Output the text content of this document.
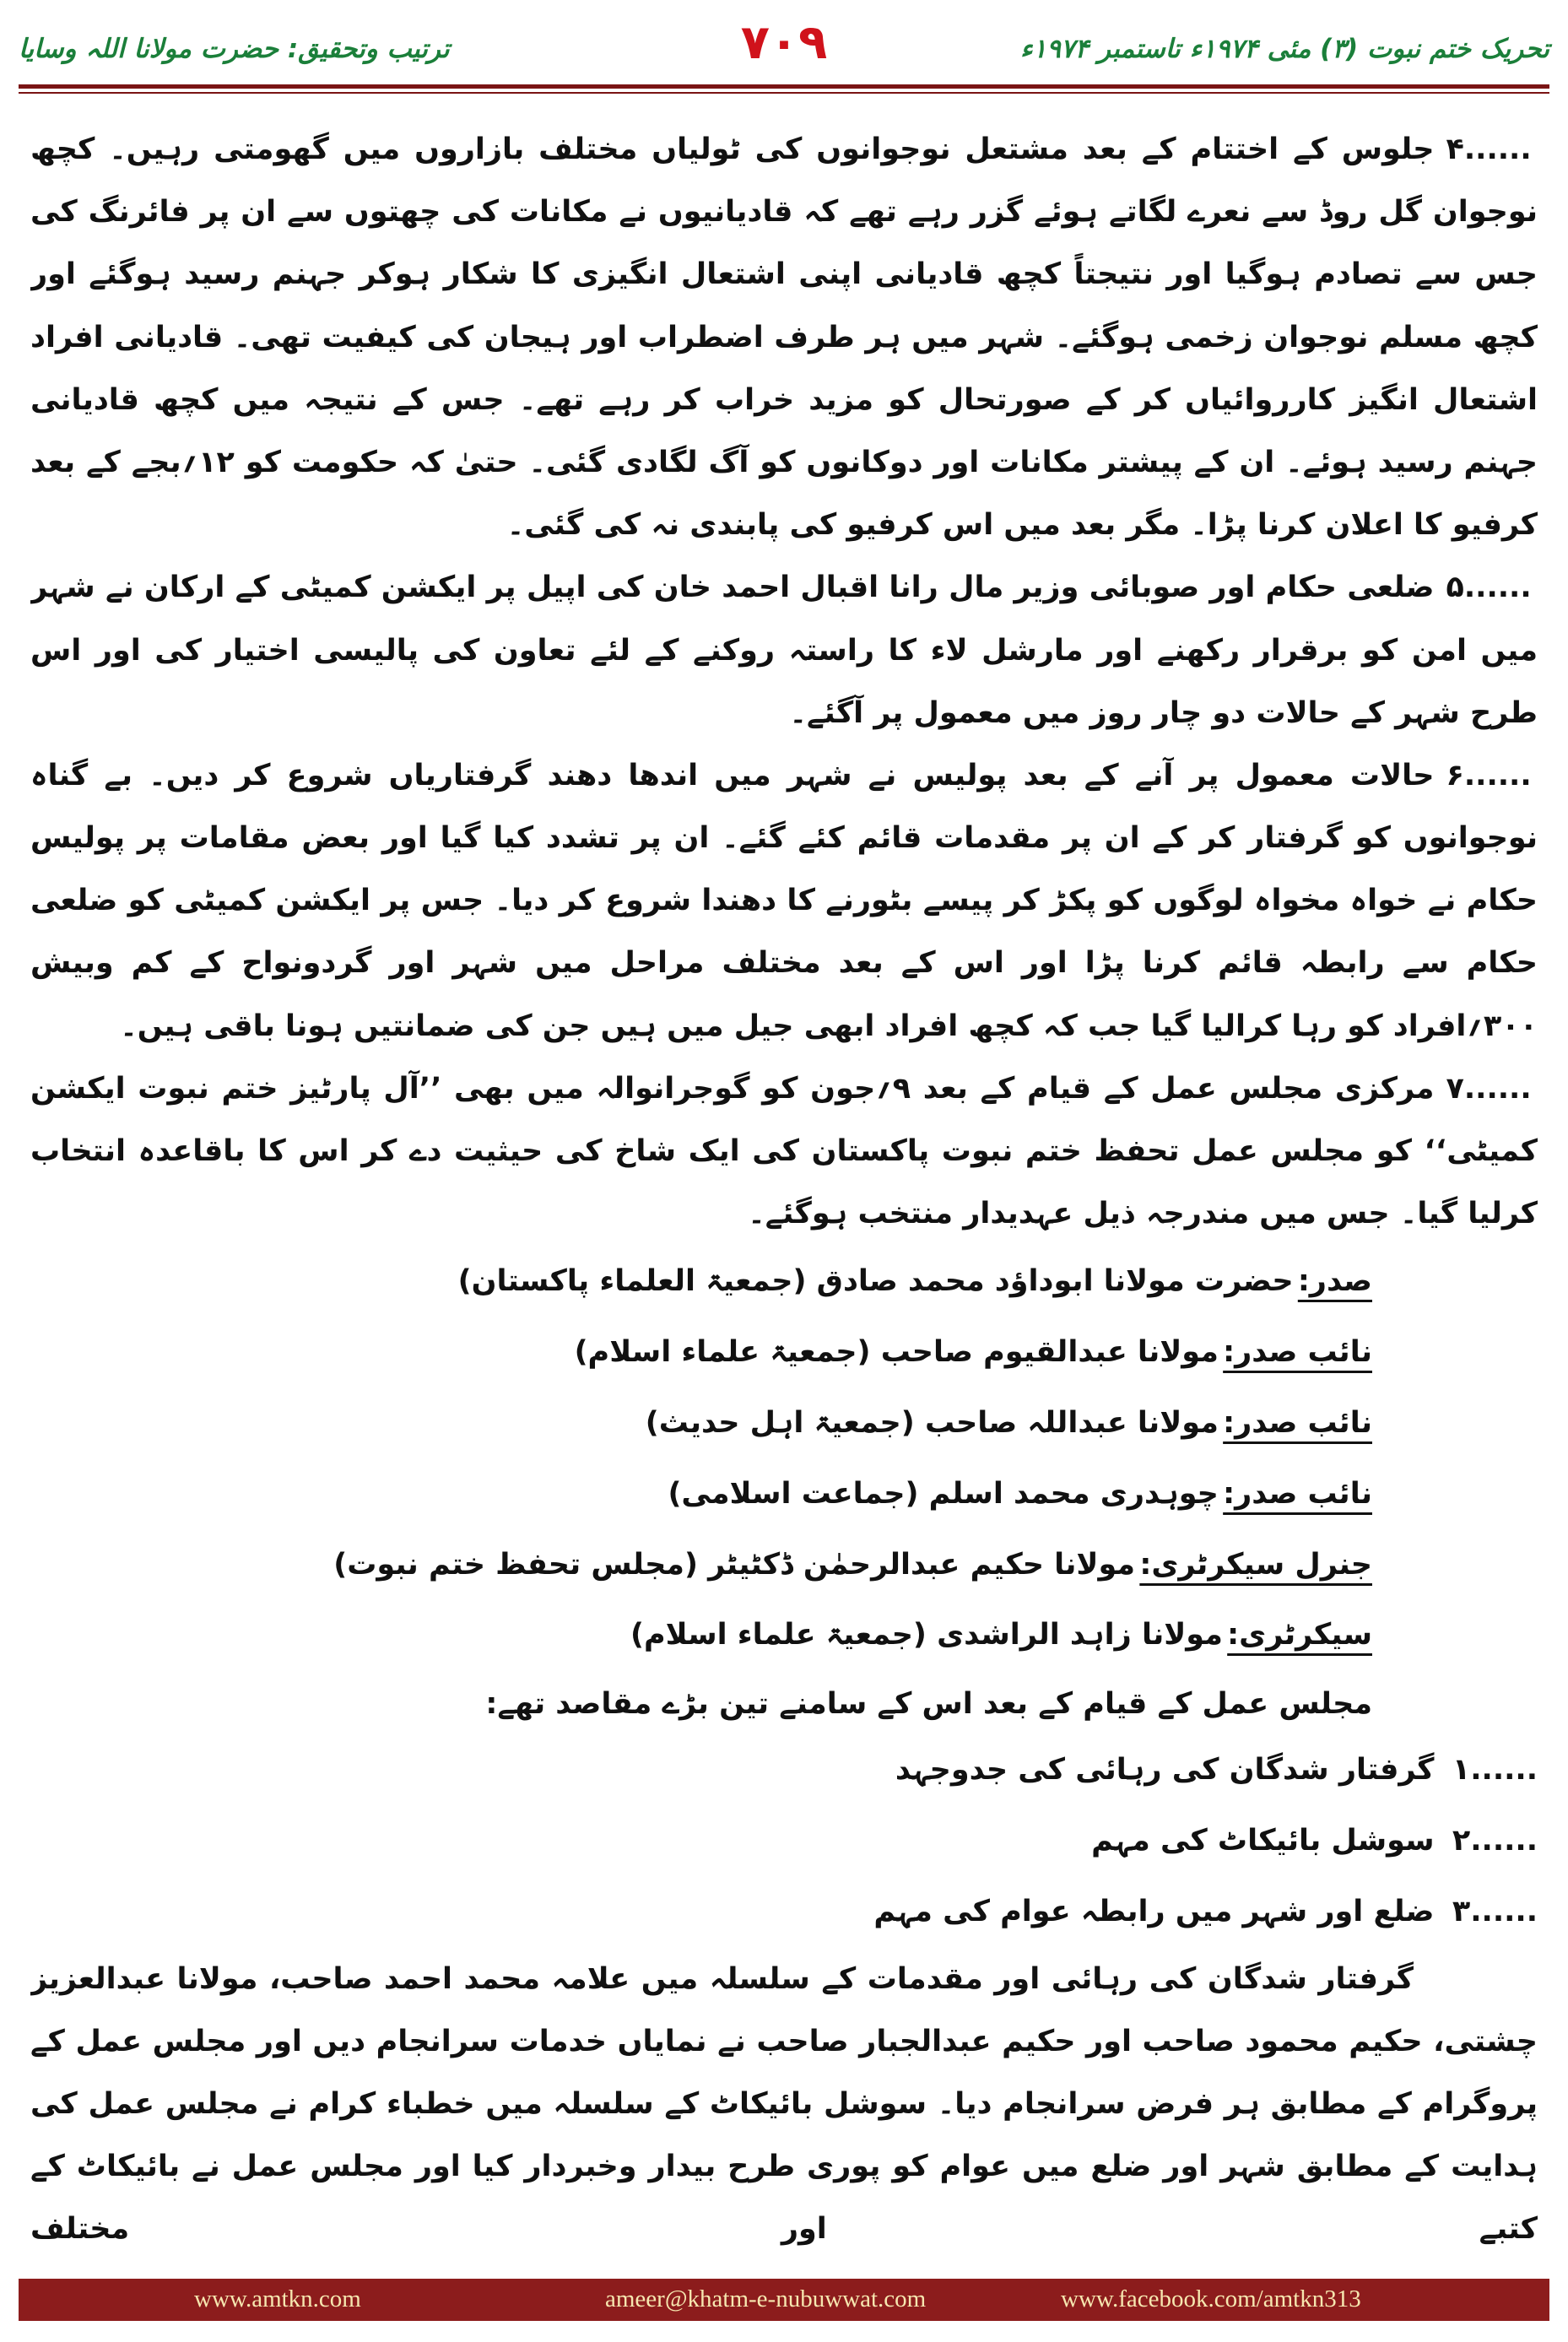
تحریک ختم نبوت (۳) مئی ۱۹۷۴ء تاستمبر ۱۹۷۴ء
۷۰۹
ترتیب وتحقیق: حضرت مولانا اللہ وسایا

۴......جلوس کے اختتام کے بعد مشتعل نوجوانوں کی ٹولیاں مختلف بازاروں میں گھومتی رہیں۔ کچھ نوجوان گل روڈ سے نعرے لگاتے ہوئے گزر رہے تھے کہ قادیانیوں نے مکانات کی چھتوں سے ان پر فائرنگ کی جس سے تصادم ہوگیا اور نتیجتاً کچھ قادیانی اپنی اشتعال انگیزی کا شکار ہوکر جہنم رسید ہوگئے اور کچھ مسلم نوجوان زخمی ہوگئے۔ شہر میں ہر طرف اضطراب اور ہیجان کی کیفیت تھی۔ قادیانی افراد اشتعال انگیز کارروائیاں کر کے صورتحال کو مزید خراب کر رہے تھے۔ جس کے نتیجہ میں کچھ قادیانی جہنم رسید ہوئے۔ ان کے پیشتر مکانات اور دوکانوں کو آگ لگادی گئی۔ حتیٰ کہ حکومت کو ۱۲؍بجے کے بعد کرفیو کا اعلان کرنا پڑا۔ مگر بعد میں اس کرفیو کی پابندی نہ کی گئی۔

۵......ضلعی حکام اور صوبائی وزیر مال رانا اقبال احمد خان کی اپیل پر ایکشن کمیٹی کے ارکان نے شہر میں امن کو برقرار رکھنے اور مارشل لاء کا راستہ روکنے کے لئے تعاون کی پالیسی اختیار کی اور اس طرح شہر کے حالات دو چار روز میں معمول پر آگئے۔

۶......حالات معمول پر آنے کے بعد پولیس نے شہر میں اندھا دھند گرفتاریاں شروع کر دیں۔ بے گناہ نوجوانوں کو گرفتار کر کے ان پر مقدمات قائم کئے گئے۔ ان پر تشدد کیا گیا اور بعض مقامات پر پولیس حکام نے خواہ مخواہ لوگوں کو پکڑ کر پیسے بٹورنے کا دھندا شروع کر دیا۔ جس پر ایکشن کمیٹی کو ضلعی حکام سے رابطہ قائم کرنا پڑا اور اس کے بعد مختلف مراحل میں شہر اور گردونواح کے کم وبیش ۳۰۰؍افراد کو رہا کرالیا گیا جب کہ کچھ افراد ابھی جیل میں ہیں جن کی ضمانتیں ہونا باقی ہیں۔

۷......مرکزی مجلس عمل کے قیام کے بعد ۹؍جون کو گوجرانوالہ میں بھی ’’آل پارٹیز ختم نبوت ایکشن کمیٹی‘‘ کو مجلس عمل تحفظ ختم نبوت پاکستان کی ایک شاخ کی حیثیت دے کر اس کا باقاعدہ انتخاب کرلیا گیا۔ جس میں مندرجہ ذیل عہدیدار منتخب ہوگئے۔

صدر:حضرت مولانا ابوداؤد محمد صادق (جمعیۃ العلماء پاکستان)

نائب صدر:مولانا عبدالقیوم صاحب (جمعیۃ علماء اسلام)

نائب صدر:مولانا عبداللہ صاحب (جمعیۃ اہل حدیث)

نائب صدر:چوہدری محمد اسلم (جماعت اسلامی)

جنرل سیکرٹری:مولانا حکیم عبدالرحمٰن ڈکٹیٹر (مجلس تحفظ ختم نبوت)

سیکرٹری:مولانا زاہد الراشدی (جمعیۃ علماء اسلام)

مجلس عمل کے قیام کے بعد اس کے سامنے تین بڑے مقاصد تھے:

۱......گرفتار شدگان کی رہائی کی جدوجہد

۲......سوشل بائیکاٹ کی مہم

۳......ضلع اور شہر میں رابطہ عوام کی مہم

گرفتار شدگان کی رہائی اور مقدمات کے سلسلہ میں علامہ محمد احمد صاحب، مولانا عبدالعزیز چشتی، حکیم محمود صاحب اور حکیم عبدالجبار صاحب نے نمایاں خدمات سرانجام دیں اور مجلس عمل کے پروگرام کے مطابق ہر فرض سرانجام دیا۔ سوشل بائیکاٹ کے سلسلہ میں خطباء کرام نے مجلس عمل کی ہدایت کے مطابق شہر اور ضلع میں عوام کو پوری طرح بیدار وخبردار کیا اور مجلس عمل نے بائیکاٹ کے کتبے اور مختلف

www.amtkn.com	ameer@khatm-e-nubuwwat.com	www.facebook.com/amtkn313
